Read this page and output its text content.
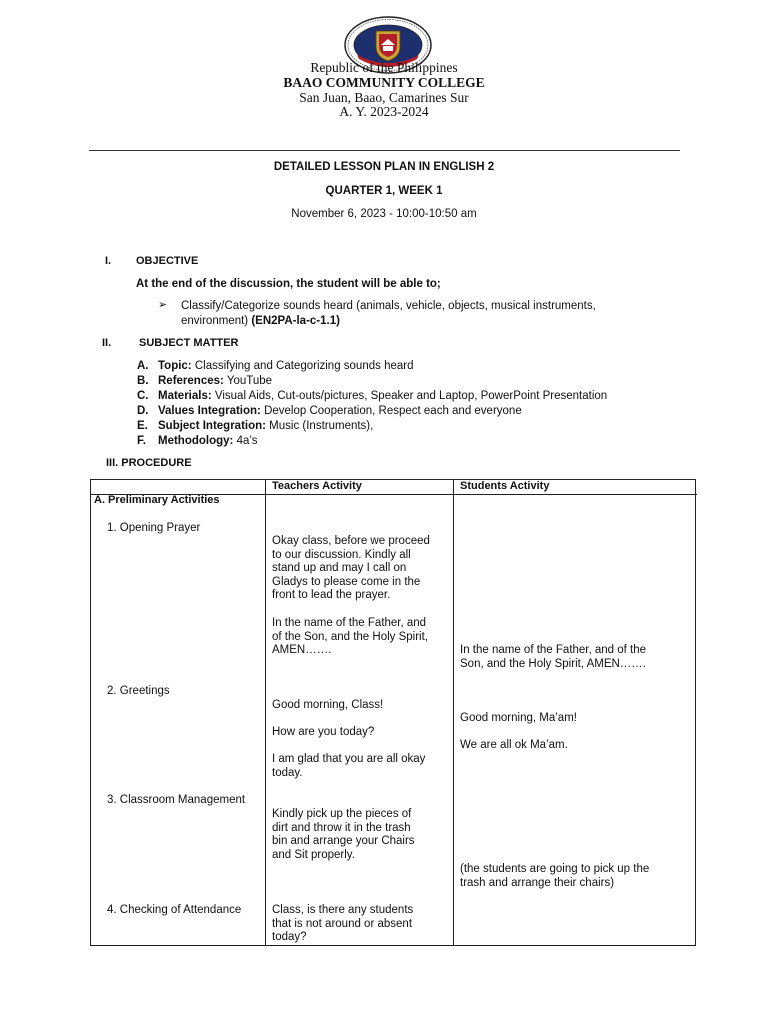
Republic of the Philippines
BAAO COMMUNITY COLLEGE
San Juan, Baao, Camarines Sur
A. Y. 2023-2024
DETAILED LESSON PLAN IN ENGLISH 2
QUARTER 1, WEEK 1
November 6, 2023 - 10:00-10:50 am
I. OBJECTIVE
At the end of the discussion, the student will be able to;
➢ Classify/Categorize sounds heard (animals, vehicle, objects, musical instruments,
environment) (EN2PA-la-c-1.1)
II.	SUBJECT MATTER
A. Topic: Classifying and Categorizing sounds heard
B. References: YouTube
C. Materials: Visual Aids, Cut-outs/pictures, Speaker and Laptop, PowerPoint Presentation
D. Values Integration: Develop Cooperation, Respect each and everyone
E. Subject Integration: Music (Instruments),
F. Methodology: 4a’s
III. PROCEDURE
Teachers Activity	Students Activity
A. Preliminary Activities
1. Opening Prayer
2. Greetings
3. Classroom Management
4. Checking of Attendance
Okay class, before we proceed
to our discussion. Kindly all
stand up and may I call on
Gladys to please come in the
front to lead the prayer.
In the name of the Father, and
of the Son, and the Holy Spirit,
AMEN…….
Good morning, Class!
How are you today?
I am glad that you are all okay
today.
Kindly pick up the pieces of
dirt and throw it in the trash
bin and arrange your Chairs
and Sit properly.
Class, is there any students
that is not around or absent
today?
In the name of the Father, and of the
Son, and the Holy Spirit, AMEN…….
Good morning, Ma’am!
We are all ok Ma’am.
(the students are going to pick up the
trash and arrange their chairs)
